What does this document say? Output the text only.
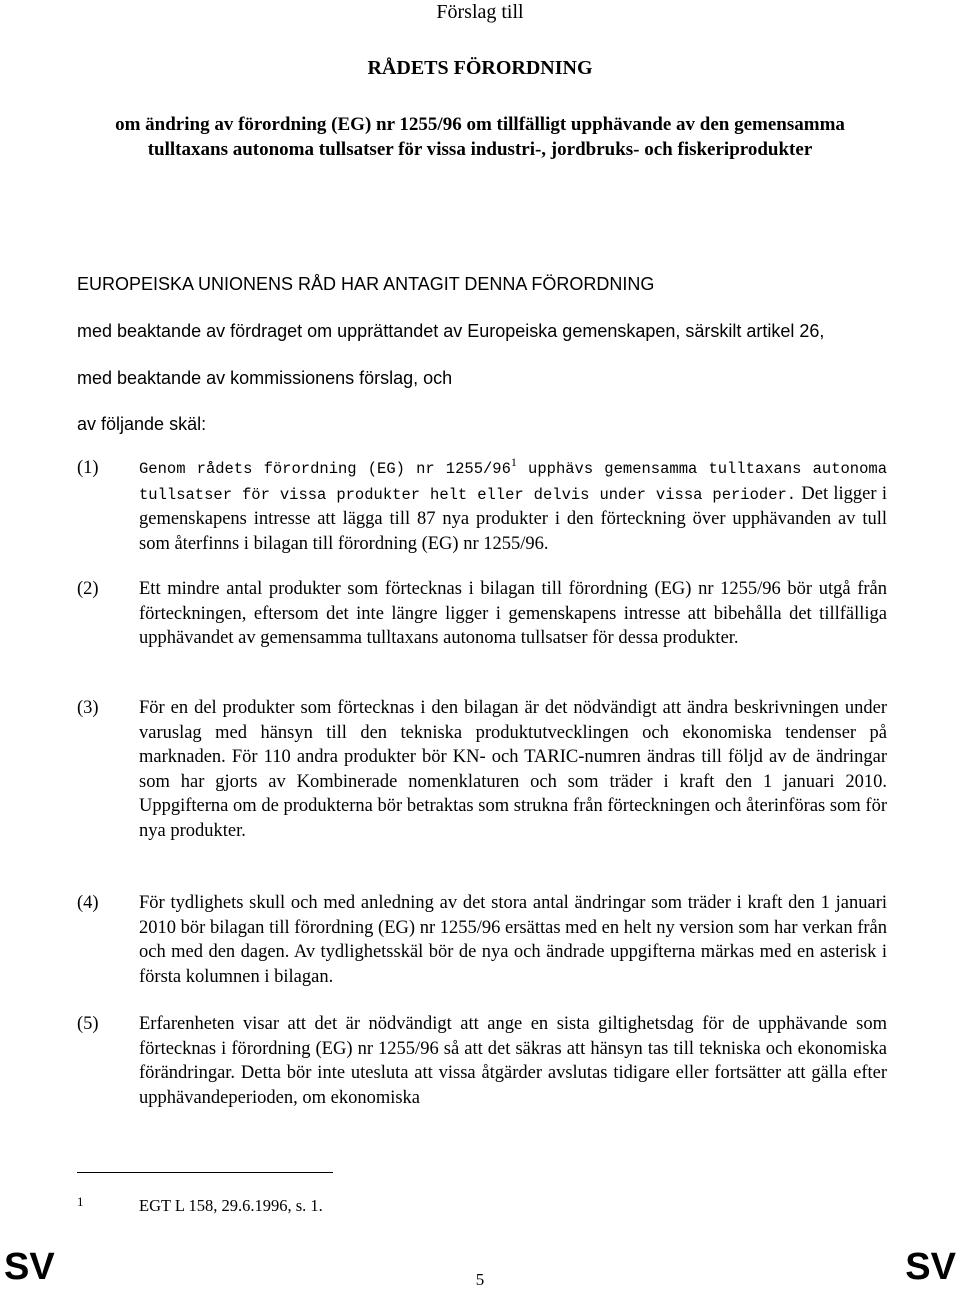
Förslag till
RÅDETS FÖRORDNING
om ändring av förordning (EG) nr 1255/96 om tillfälligt upphävande av den gemensamma tulltaxans autonoma tullsatser för vissa industri-, jordbruks- och fiskeriprodukter
EUROPEISKA UNIONENS RÅD HAR ANTAGIT DENNA FÖRORDNING
med beaktande av fördraget om upprättandet av Europeiska gemenskapen, särskilt artikel 26,
med beaktande av kommissionens förslag, och
av följande skäl:
(1)	Genom rådets förordning (EG) nr $1255/96^1$ upphävs gemensamma tulltaxans autonoma tullsatser för vissa produkter helt eller delvis under vissa perioder. Det ligger i gemenskapens intresse att lägga till 87 nya produkter i den förteckning över upphävanden av tull som återfinns i bilagan till förordning (EG) nr 1255/96.
(2) Ett mindre antal produkter som förtecknas i bilagan till förordning (EG) nr 1255/96 bör utgå från förteckningen, eftersom det inte längre ligger i gemenskapens intresse att bibehålla det tillfälliga upphävandet av gemensamma tulltaxans autonoma tullsatser för dessa produkter.
(3) För en del produkter som förtecknas i den bilagan är det nödvändigt att ändra beskrivningen under varuslag med hänsyn till den tekniska produktutvecklingen och ekonomiska tendenser på marknaden. För 110 andra produkter bör KN- och TARIC-numren ändras till följd av de ändringar som har gjorts av Kombinerade nomenklaturen och som träder i kraft den 1 januari 2010. Uppgifterna om de produkterna bör betraktas som strukna från förteckningen och återinföras som för nya produkter.
(4) För tydlighets skull och med anledning av det stora antal ändringar som träder i kraft den 1 januari 2010 bör bilagan till förordning (EG) nr 1255/96 ersättas med en helt ny version som har verkan från och med den dagen. Av tydlighetsskäl bör de nya och ändrade uppgifterna märkas med en asterisk i första kolumnen i bilagan.
(5) Erfarenheten visar att det är nödvändigt att ange en sista giltighetsdag för de upphävande som förtecknas i förordning (EG) nr 1255/96 så att det säkras att hänsyn tas till tekniska och ekonomiska förändringar. Detta bör inte utesluta att vissa åtgärder avslutas tidigare eller fortsätter att gälla efter upphävandeperioden, om ekonomiska
1	EGT L 158, 29.6.1996, s. 1.
SV	5	SV
